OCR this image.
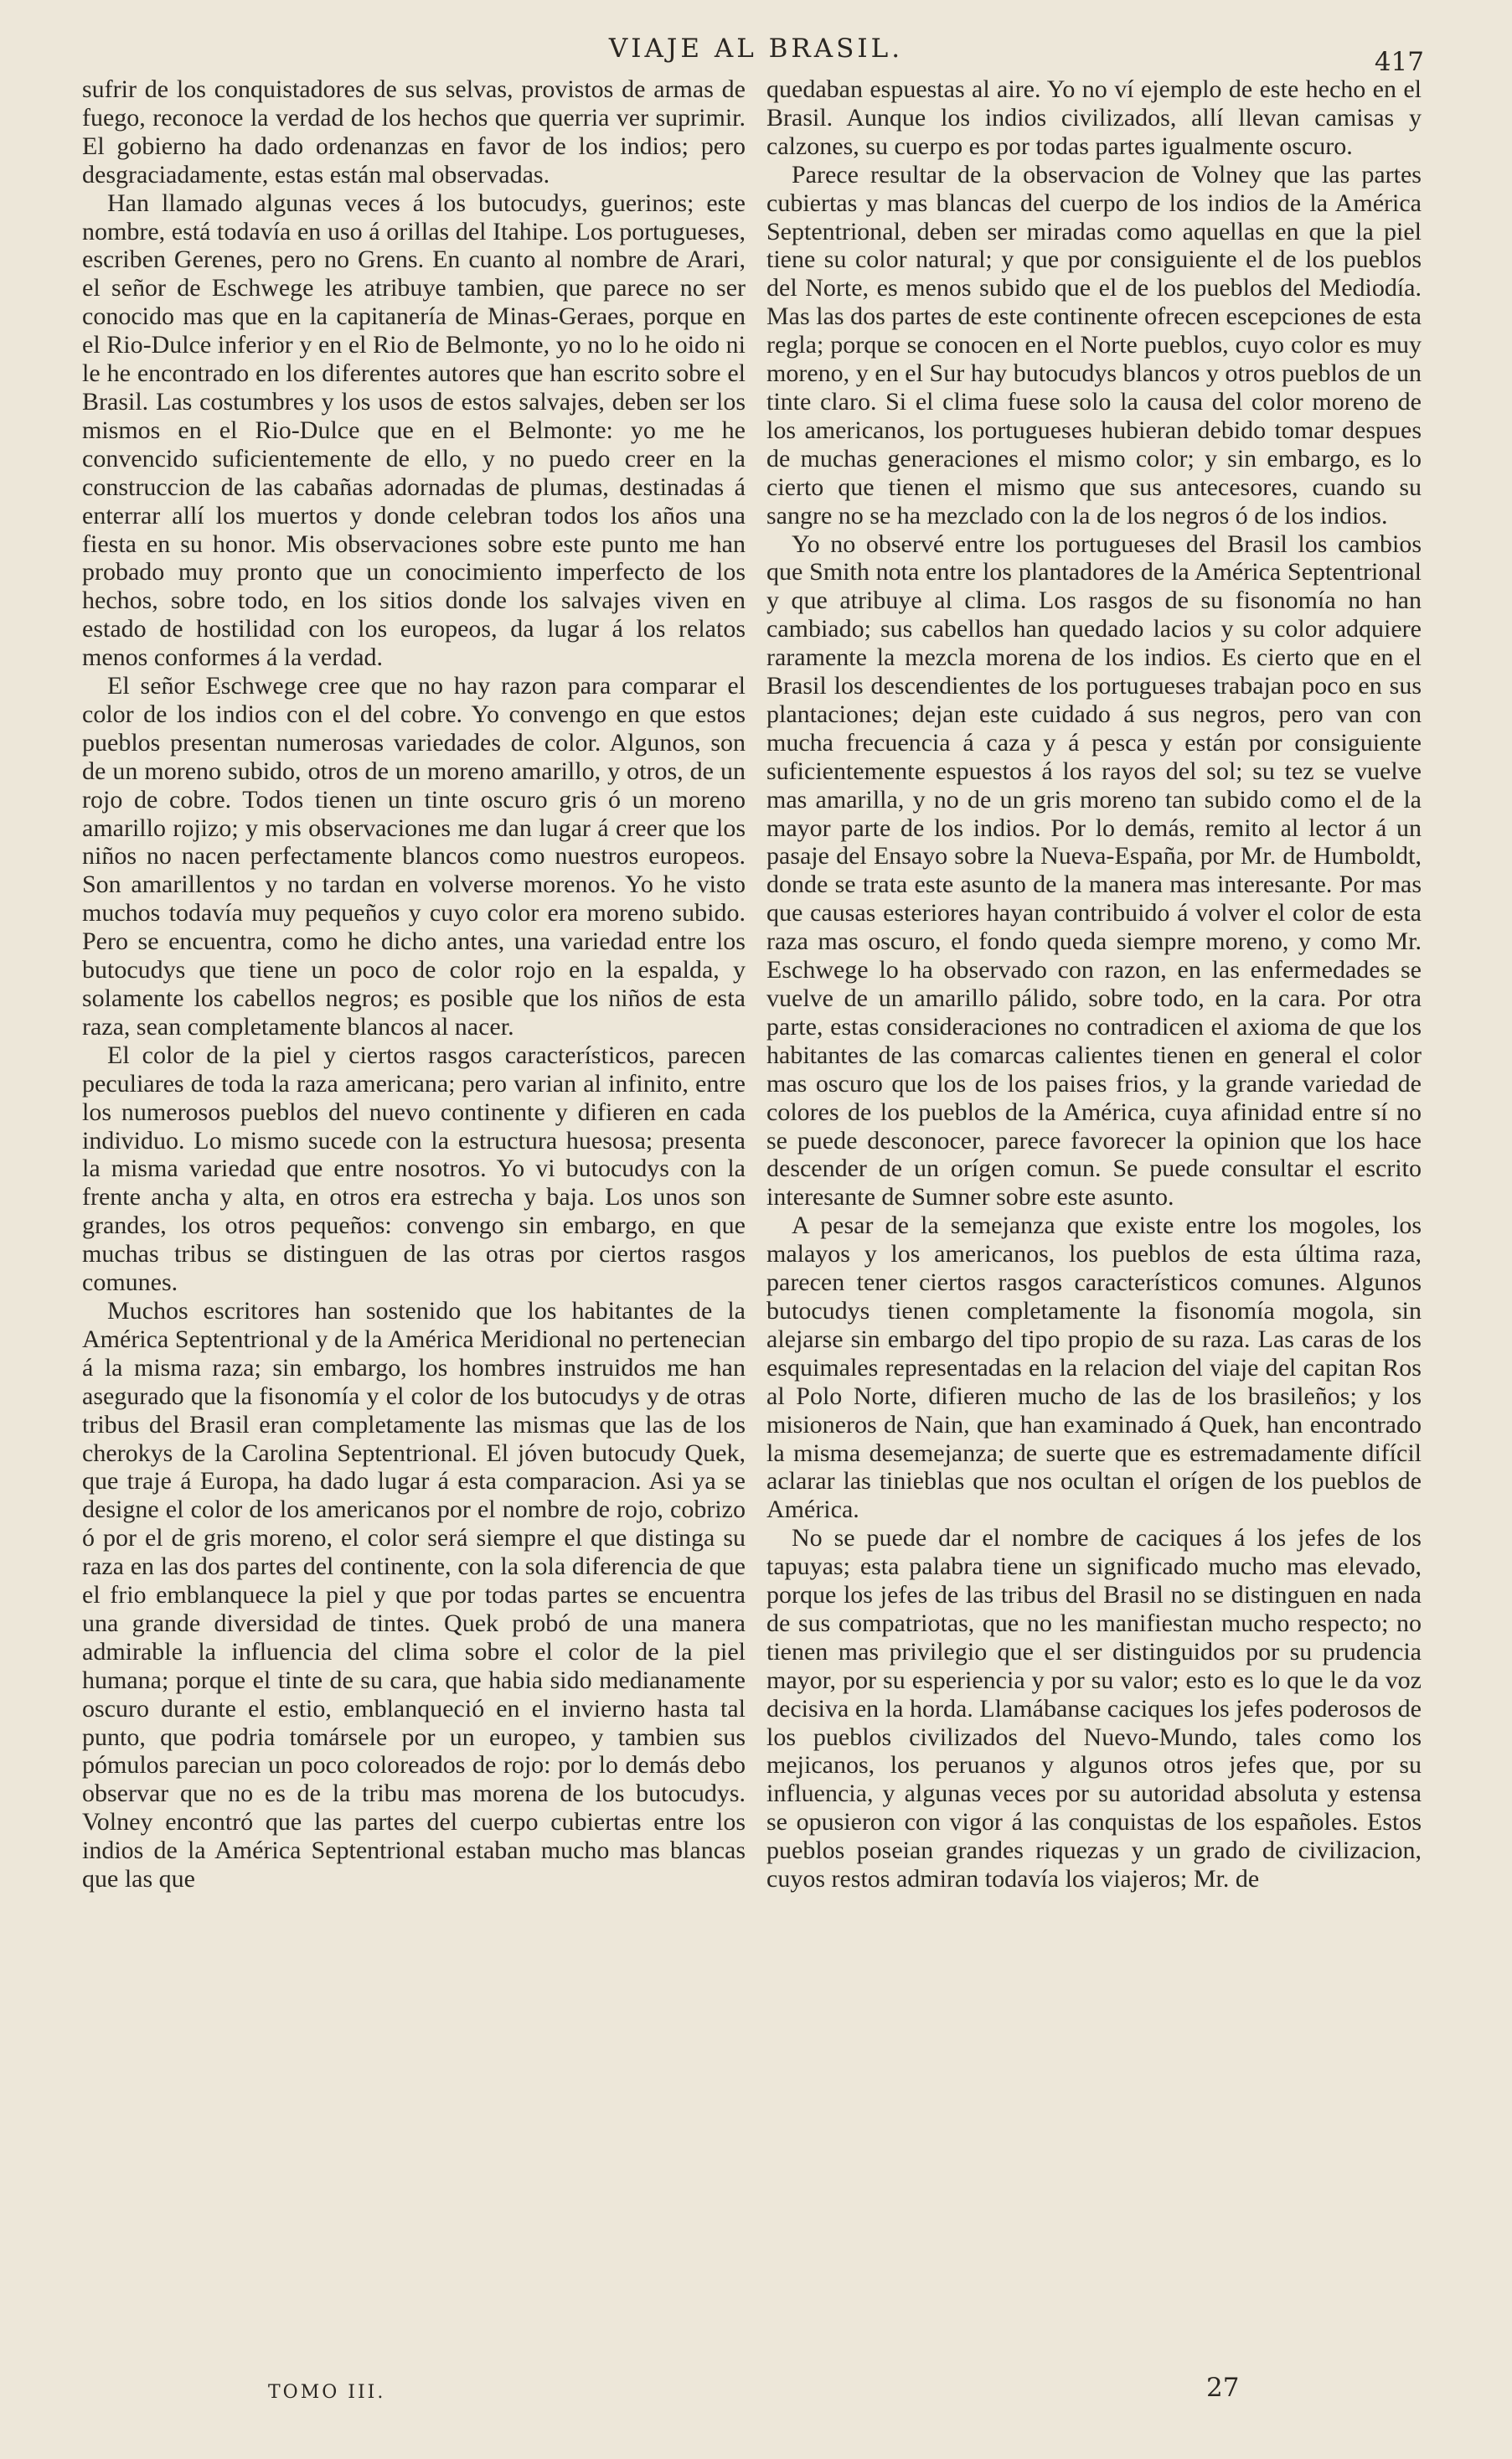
VIAJE AL BRASIL.	417

sufrir de los conquistadores de sus selvas, provistos de armas de fuego, reconoce la verdad de los hechos que querria ver suprimir. El gobierno ha dado ordenanzas en favor de los indios; pero desgraciadamente, estas están mal observadas.

Han llamado algunas veces á los butocudys, guerinos; este nombre, está todavía en uso á orillas del Itahipe. Los portugueses, escriben Gerenes, pero no Grens. En cuanto al nombre de Arari, el señor de Eschwege les atribuye tambien, que parece no ser conocido mas que en la capitanería de Minas-Geraes, porque en el Rio-Dulce inferior y en el Rio de Belmonte, yo no lo he oido ni le he encontrado en los diferentes autores que han escrito sobre el Brasil. Las costumbres y los usos de estos salvajes, deben ser los mismos en el Rio-Dulce que en el Belmonte: yo me he convencido suficientemente de ello, y no puedo creer en la construccion de las cabañas adornadas de plumas, destinadas á enterrar allí los muertos y donde celebran todos los años una fiesta en su honor. Mis observaciones sobre este punto me han probado muy pronto que un conocimiento imperfecto de los hechos, sobre todo, en los sitios donde los salvajes viven en estado de hostilidad con los europeos, da lugar á los relatos menos conformes á la verdad.

El señor Eschwege cree que no hay razon para comparar el color de los indios con el del cobre. Yo convengo en que estos pueblos presentan numerosas variedades de color. Algunos, son de un moreno subido, otros de un moreno amarillo, y otros, de un rojo de cobre. Todos tienen un tinte oscuro gris ó un moreno amarillo rojizo; y mis observaciones me dan lugar á creer que los niños no nacen perfectamente blancos como nuestros europeos. Son amarillentos y no tardan en volverse morenos. Yo he visto muchos todavía muy pequeños y cuyo color era moreno subido. Pero se encuentra, como he dicho antes, una variedad entre los butocudys que tiene un poco de color rojo en la espalda, y solamente los cabellos negros; es posible que los niños de esta raza, sean completamente blancos al nacer.

El color de la piel y ciertos rasgos característicos, parecen peculiares de toda la raza americana; pero varian al infinito, entre los numerosos pueblos del nuevo continente y difieren en cada individuo. Lo mismo sucede con la estructura huesosa; presenta la misma variedad que entre nosotros. Yo vi butocudys con la frente ancha y alta, en otros era estrecha y baja. Los unos son grandes, los otros pequeños: convengo sin embargo, en que muchas tribus se distinguen de las otras por ciertos rasgos comunes.

Muchos escritores han sostenido que los habitantes de la América Septentrional y de la América Meridional no pertenecian á la misma raza; sin embargo, los hombres instruidos me han asegurado que la fisonomía y el color de los butocudys y de otras tribus del Brasil eran completamente las mismas que las de los cherokys de la Carolina Septentrional. El jóven butocudy Quek, que traje á Europa, ha dado lugar á esta comparacion. Asi ya se designe el color de los americanos por el nombre de rojo, cobrizo ó por el de gris moreno, el color será siempre el que distinga su raza en las dos partes del continente, con la sola diferencia de que el frio emblanquece la piel y que por todas partes se encuentra una grande diversidad de tintes. Quek probó de una manera admirable la influencia del clima sobre el color de la piel humana; porque el tinte de su cara, que habia sido medianamente oscuro durante el estio, emblanqueció en el invierno hasta tal punto, que podria tomársele por un europeo, y tambien sus pómulos parecian un poco coloreados de rojo: por lo demás debo observar que no es de la tribu mas morena de los butocudys. Volney encontró que las partes del cuerpo cubiertas entre los indios de la América Septentrional estaban mucho mas blancas que las que

quedaban espuestas al aire. Yo no ví ejemplo de este hecho en el Brasil. Aunque los indios civilizados, allí llevan camisas y calzones, su cuerpo es por todas partes igualmente oscuro.

Parece resultar de la observacion de Volney que las partes cubiertas y mas blancas del cuerpo de los indios de la América Septentrional, deben ser miradas como aquellas en que la piel tiene su color natural; y que por consiguiente el de los pueblos del Norte, es menos subido que el de los pueblos del Mediodía. Mas las dos partes de este continente ofrecen escepciones de esta regla; porque se conocen en el Norte pueblos, cuyo color es muy moreno, y en el Sur hay butocudys blancos y otros pueblos de un tinte claro. Si el clima fuese solo la causa del color moreno de los americanos, los portugueses hubieran debido tomar despues de muchas generaciones el mismo color; y sin embargo, es lo cierto que tienen el mismo que sus antecesores, cuando su sangre no se ha mezclado con la de los negros ó de los indios.

Yo no observé entre los portugueses del Brasil los cambios que Smith nota entre los plantadores de la América Septentrional y que atribuye al clima. Los rasgos de su fisonomía no han cambiado; sus cabellos han quedado lacios y su color adquiere raramente la mezcla morena de los indios. Es cierto que en el Brasil los descendientes de los portugueses trabajan poco en sus plantaciones; dejan este cuidado á sus negros, pero van con mucha frecuencia á caza y á pesca y están por consiguiente suficientemente espuestos á los rayos del sol; su tez se vuelve mas amarilla, y no de un gris moreno tan subido como el de la mayor parte de los indios. Por lo demás, remito al lector á un pasaje del Ensayo sobre la Nueva-España, por Mr. de Humboldt, donde se trata este asunto de la manera mas interesante. Por mas que causas esteriores hayan contribuido á volver el color de esta raza mas oscuro, el fondo queda siempre moreno, y como Mr. Eschwege lo ha observado con razon, en las enfermedades se vuelve de un amarillo pálido, sobre todo, en la cara. Por otra parte, estas consideraciones no contradicen el axioma de que los habitantes de las comarcas calientes tienen en general el color mas oscuro que los de los paises frios, y la grande variedad de colores de los pueblos de la América, cuya afinidad entre sí no se puede desconocer, parece favorecer la opinion que los hace descender de un orígen comun. Se puede consultar el escrito interesante de Sumner sobre este asunto.

A pesar de la semejanza que existe entre los mogoles, los malayos y los americanos, los pueblos de esta última raza, parecen tener ciertos rasgos característicos comunes. Algunos butocudys tienen completamente la fisonomía mogola, sin alejarse sin embargo del tipo propio de su raza. Las caras de los esquimales representadas en la relacion del viaje del capitan Ros al Polo Norte, difieren mucho de las de los brasileños; y los misioneros de Nain, que han examinado á Quek, han encontrado la misma desemejanza; de suerte que es estremadamente difícil aclarar las tinieblas que nos ocultan el orígen de los pueblos de América.

No se puede dar el nombre de caciques á los jefes de los tapuyas; esta palabra tiene un significado mucho mas elevado, porque los jefes de las tribus del Brasil no se distinguen en nada de sus compatriotas, que no les manifiestan mucho respecto; no tienen mas privilegio que el ser distinguidos por su prudencia mayor, por su esperiencia y por su valor; esto es lo que le da voz decisiva en la horda. Llamábanse caciques los jefes poderosos de los pueblos civilizados del Nuevo-Mundo, tales como los mejicanos, los peruanos y algunos otros jefes que, por su influencia, y algunas veces por su autoridad absoluta y estensa se opusieron con vigor á las conquistas de los españoles. Estos pueblos poseian grandes riquezas y un grado de civilizacion, cuyos restos admiran todavía los viajeros; Mr. de

TOMO III.	27
